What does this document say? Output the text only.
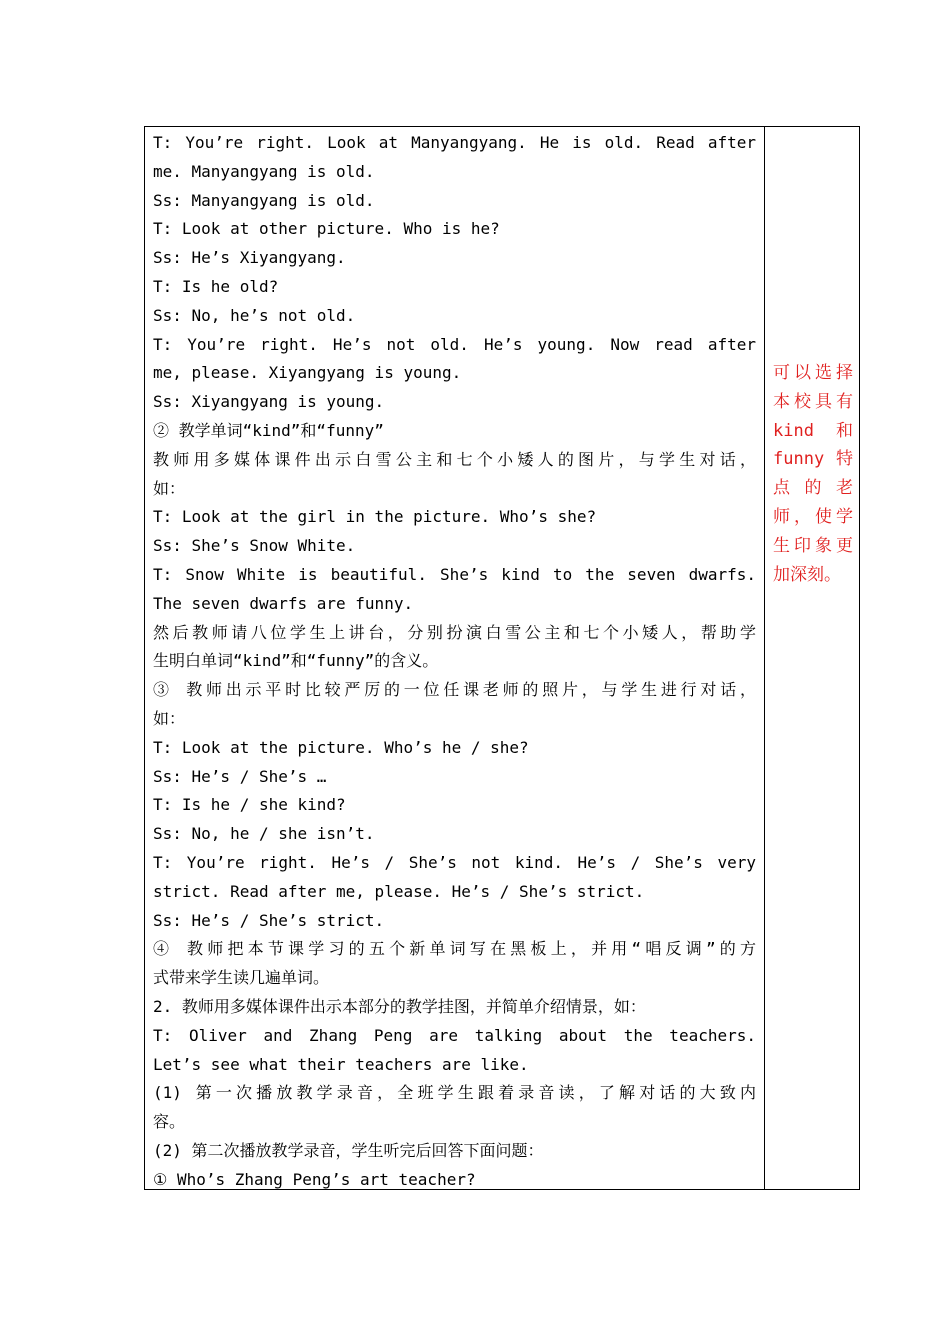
T: You’re right. Look at Manyangyang. He is old. Read after
me. Manyangyang is old.
Ss: Manyangyang is old.
T: Look at other picture. Who is he?
Ss: He’s Xiyangyang.
T: Is he old?
Ss: No, he’s not old.
T: You’re right. He’s not old. He’s young. Now read after
me, please. Xiyangyang is young.
Ss: Xiyangyang is young.
② 教学单词“kind”和“funny”
教师用多媒体课件出示白雪公主和七个小矮人的图片，与学生对话，
如：
T: Look at the girl in the picture. Who’s she?
Ss: She’s Snow White.
T: Snow White is beautiful. She’s kind to the seven dwarfs.
The seven dwarfs are funny.
然后教师请八位学生上讲台，分别扮演白雪公主和七个小矮人，帮助学
生明白单词“kind”和“funny”的含义。
③ 教师出示平时比较严厉的一位任课老师的照片，与学生进行对话，
如：
T: Look at the picture. Who’s he / she?
Ss: He’s / She’s …
T: Is he / she kind?
Ss: No, he / she isn’t.
T: You’re right. He’s / She’s not kind. He’s / She’s very
strict. Read after me, please. He’s / She’s strict.
Ss: He’s / She’s strict.
④ 教师把本节课学习的五个新单词写在黑板上，并用“唱反调”的方
式带来学生读几遍单词。
2. 教师用多媒体课件出示本部分的教学挂图，并简单介绍情景，如：
T: Oliver and Zhang Peng are talking about the teachers.
Let’s see what their teachers are like.
(1) 第一次播放教学录音，全班学生跟着录音读，了解对话的大致内
容。
(2) 第二次播放教学录音，学生听完后回答下面问题：
① Who’s Zhang Peng’s art teacher?
可以选择
本校具有
kind 和
funny 特
点 的 老
师，使学
生印象更
加深刻。
